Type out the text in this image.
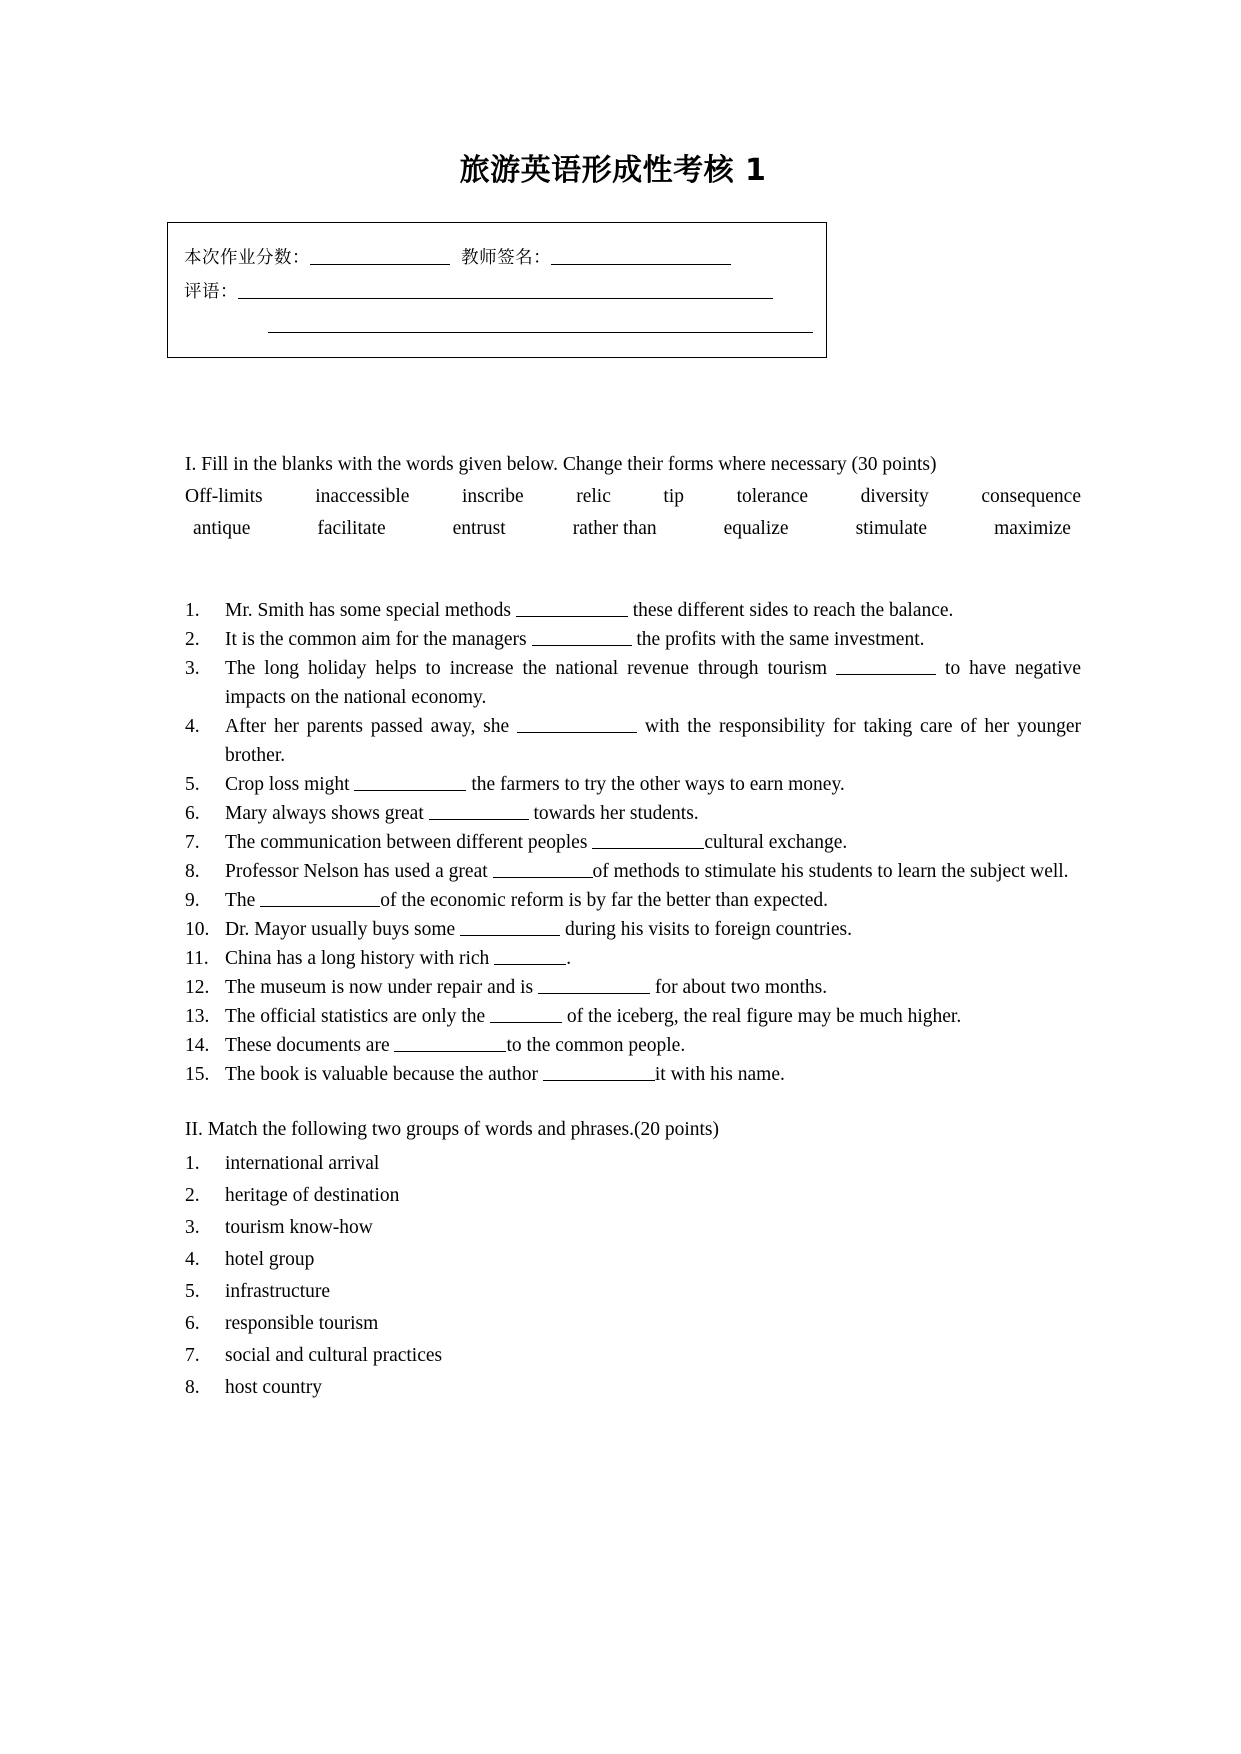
旅游英语形成性考核 1
本次作业分数：	教师签名：
评语：
I. Fill in the blanks with the words given below. Change their forms where necessary (30 points)
Off-limits	inaccessible	inscribe	relic	tip	tolerance	diversity	consequence
antique	facilitate	entrust	rather than	equalize	stimulate	maximize
1.	Mr. Smith has some special methods	these different sides to reach the balance.
2.	It is the common aim for the managers	the profits with the same investment.
3.	The long holiday helps to increase the national revenue through tourism	to have negative impacts on the national economy.
4.	After her parents passed away, she	with the responsibility for taking care of her younger brother.
5.	Crop loss might	the farmers to try the other ways to earn money.
6.	Mary always shows great	towards her students.
7.	The communication between different peoples	cultural exchange.
8.	Professor Nelson has used a great	of methods to stimulate his students to learn the subject well.
9.	The	of the economic reform is by far the better than expected.
10. Dr. Mayor usually buys some	during his visits to foreign countries.
11. China has a long history with rich	.
12. The museum is now under repair and is	for about two months.
13. The official statistics are only the	of the iceberg, the real figure may be much higher.
14. These documents are	to the common people.
15. The book is valuable because the author	it with his name.
II. Match the following two groups of words and phrases.(20 points)
1.	international arrival
2.	heritage of destination
3.	tourism know-how
4.	hotel group
5.	infrastructure
6.	responsible tourism
7.	social and cultural practices
8.	host country
